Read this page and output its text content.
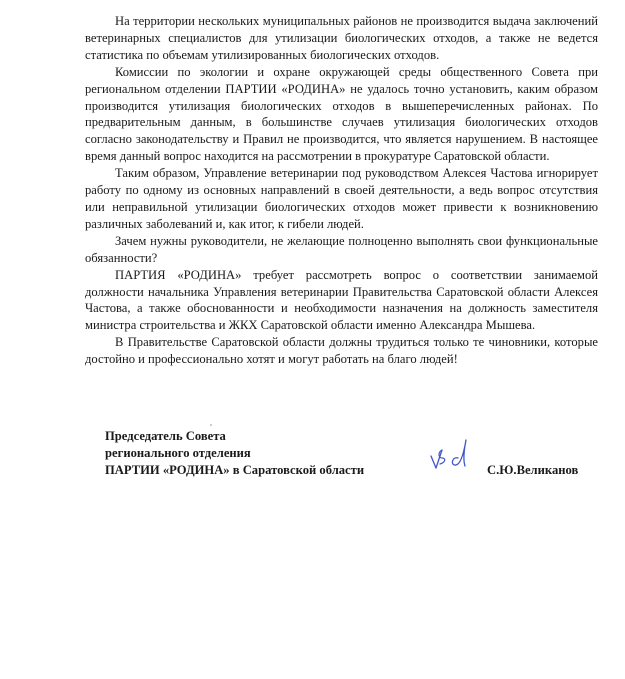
На территории нескольких муниципальных районов не производится выдача заключений ветеринарных специалистов для утилизации биологических отходов, а также не ведется статистика по объемам утилизированных биологических отходов.

Комиссии по экологии и охране окружающей среды общественного Совета при региональном отделении ПАРТИИ «РОДИНА» не удалось точно установить, каким образом производится утилизация биологических отходов в вышеперечисленных районах. По предварительным данным, в большинстве случаев утилизация биологических отходов согласно законодательству и Правил не производится, что является нарушением. В настоящее время данный вопрос находится на рассмотрении в прокуратуре Саратовской области.

Таким образом, Управление ветеринарии под руководством Алексея Частова игнорирует работу по одному из основных направлений в своей деятельности, а ведь вопрос отсутствия или неправильной утилизации биологических отходов может привести к возникновению различных заболеваний и, как итог, к гибели людей.

Зачем нужны руководители, не желающие полноценно выполнять свои функциональные обязанности?

ПАРТИЯ «РОДИНА» требует рассмотреть вопрос о соответствии занимаемой должности начальника Управления ветеринарии Правительства Саратовской области Алексея Частова, а также обоснованности и необходимости назначения на должность заместителя министра строительства и ЖКХ Саратовской области именно Александра Мышева.

В Правительстве Саратовской области должны трудиться только те чиновники, которые достойно и профессионально хотят и могут работать на благо людей!

Председатель Совета
регионального отделения
ПАРТИИ «РОДИНА» в Саратовской области	С.Ю.Великанов
